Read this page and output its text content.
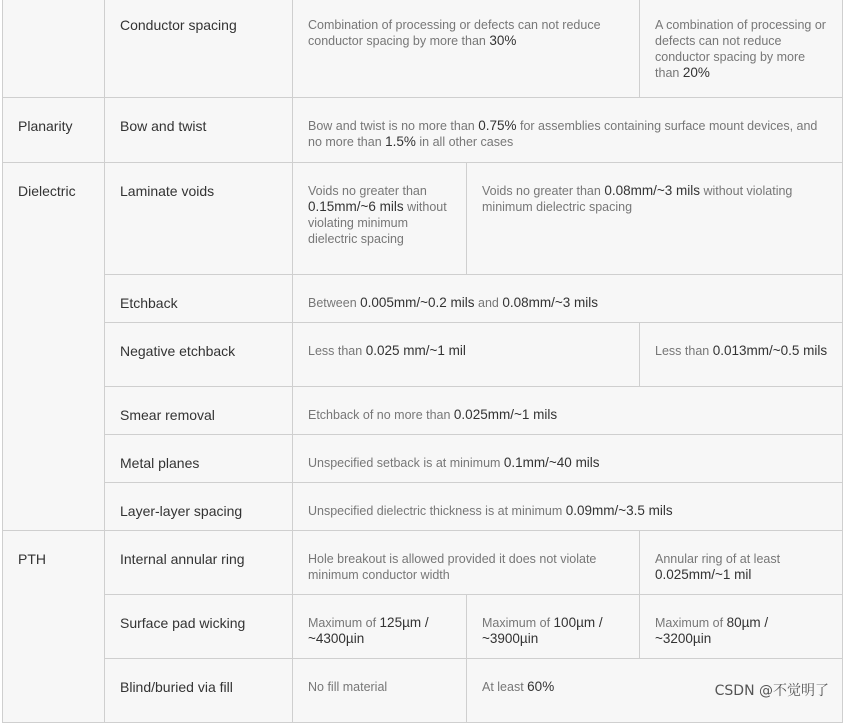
	Conductor spacing	Combination of processing or defects can not reduce conductor spacing by more than 30%		A combination of processing or defects can not reduce conductor spacing by more than 20%

Planarity	Bow and twist	Bow and twist is no more than 0.75% for assemblies containing surface mount devices, and no more than 1.5% in all other cases		

Dielectric	Laminate voids	Voids no greater than 0.15mm/~6 mils without violating minimum dielectric spacing	Voids no greater than 0.08mm/~3 mils without violating minimum dielectric spacing	

	Etchback	Between 0.005mm/~0.2 mils and 0.08mm/~3 mils		

	Negative etchback	Less than 0.025 mm/~1 mil		Less than 0.013mm/~0.5 mils

	Smear removal	Etchback of no more than 0.025mm/~1 mils		

	Metal planes	Unspecified setback is at minimum 0.1mm/~40 mils		

	Layer-layer spacing	Unspecified dielectric thickness is at minimum 0.09mm/~3.5 mils		

PTH	Internal annular ring	Hole breakout is allowed provided it does not violate minimum conductor width		Annular ring of at least 0.025mm/~1 mil

	Surface pad wicking	Maximum of 125µm / ~4300µin	Maximum of 100µm / ~3900µin	Maximum of 80µm / ~3200µin

	Blind/buried via fill	No fill material	At least 60%		CSDN @不觉明了
